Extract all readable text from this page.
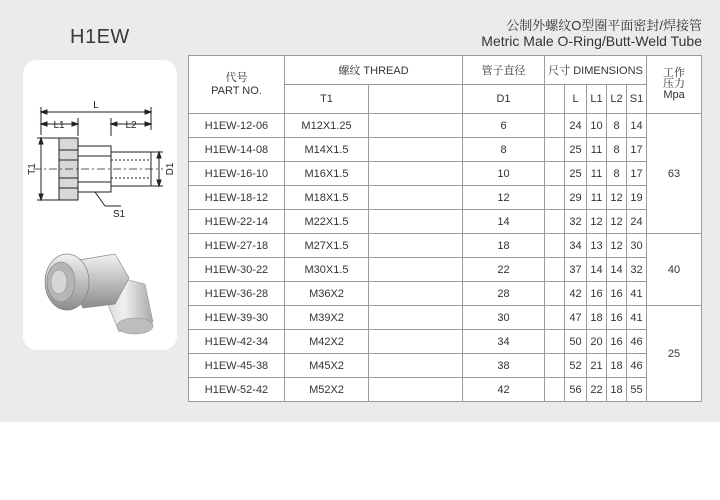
H1EW
公制外螺纹O型圈平面密封/焊接管
Metric Male O-Ring/Butt-Weld Tube
L
L1	L2
T1	D1
S1
代号
PART NO.	螺纹 THREAD		管子直径	尺寸 DIMENSIONS					工作
压力
Mpa

	T1		D1		L	L1	L2	S1	
H1EW-12-06	M12X1.25		6		24	10	8	14	63
H1EW-14-08	M14X1.5		8		25	11	8	17	
H1EW-16-10	M16X1.5		10		25	11	8	17	
H1EW-18-12	M18X1.5		12		29	11	12	19	
H1EW-22-14	M22X1.5		14		32	12	12	24	
H1EW-27-18	M27X1.5		18		34	13	12	30	40
H1EW-30-22	M30X1.5		22		37	14	14	32	
H1EW-36-28	M36X2		28		42	16	16	41	
H1EW-39-30	M39X2		30		47	18	16	41	25
H1EW-42-34	M42X2		34		50	20	16	46	
H1EW-45-38	M45X2		38		52	21	18	46	
H1EW-52-42	M52X2		42		56	22	18	55	
